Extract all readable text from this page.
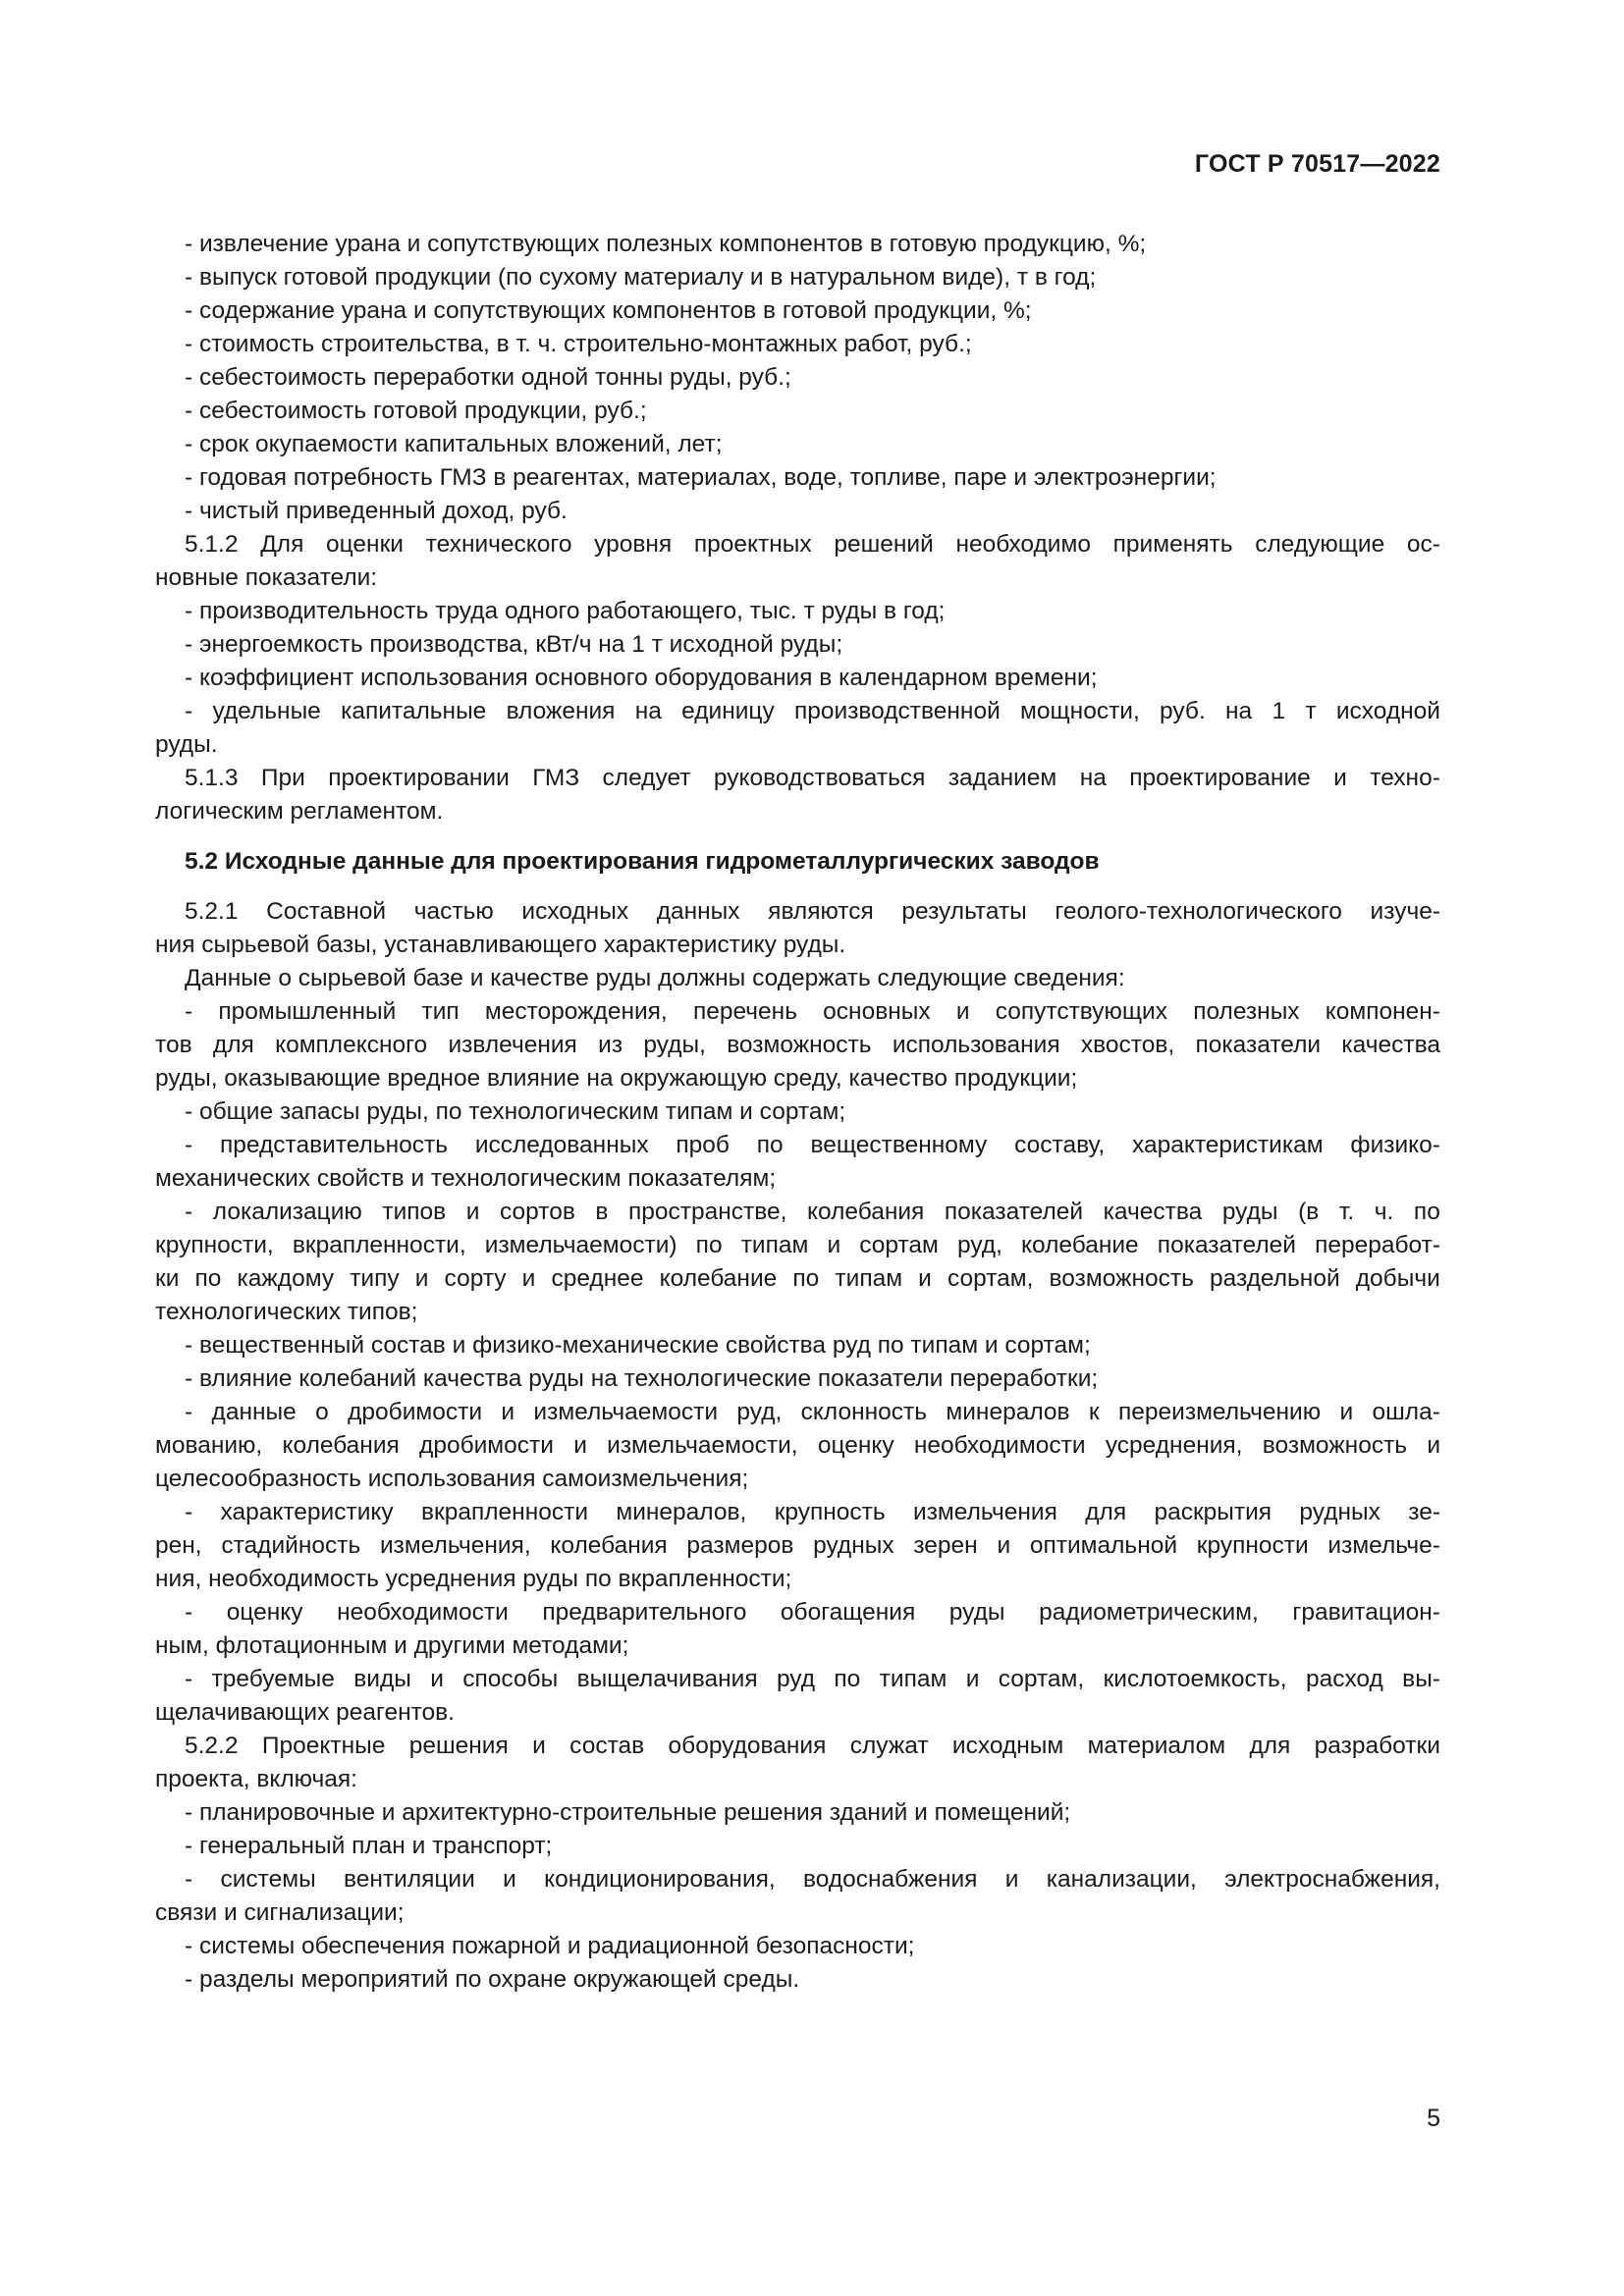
ГОСТ Р 70517—2022
- извлечение урана и сопутствующих полезных компонентов в готовую продукцию, %;
- выпуск готовой продукции (по сухому материалу и в натуральном виде), т в год;
- содержание урана и сопутствующих компонентов в готовой продукции, %;
- стоимость строительства, в т. ч. строительно-монтажных работ, руб.;
- себестоимость переработки одной тонны руды, руб.;
- себестоимость готовой продукции, руб.;
- срок окупаемости капитальных вложений, лет;
- годовая потребность ГМЗ в реагентах, материалах, воде, топливе, паре и электроэнергии;
- чистый приведенный доход, руб.
5.1.2 Для оценки технического уровня проектных решений необходимо применять следующие ос-
новные показатели:
- производительность труда одного работающего, тыс. т руды в год;
- энергоемкость производства, кВт/ч на 1 т исходной руды;
- коэффициент использования основного оборудования в календарном времени;
- удельные капитальные вложения на единицу производственной мощности, руб. на 1 т исходной
руды.
5.1.3 При проектировании ГМЗ следует руководствоваться заданием на проектирование и техно-
логическим регламентом.
5.2 Исходные данные для проектирования гидрометаллургических заводов
5.2.1 Составной частью исходных данных являются результаты геолого-технологического изуче-
ния сырьевой базы, устанавливающего характеристику руды.
Данные о сырьевой базе и качестве руды должны содержать следующие сведения:
- промышленный тип месторождения, перечень основных и сопутствующих полезных компонен-
тов для комплексного извлечения из руды, возможность использования хвостов, показатели качества
руды, оказывающие вредное влияние на окружающую среду, качество продукции;
- общие запасы руды, по технологическим типам и сортам;
- представительность исследованных проб по вещественному составу, характеристикам физико-
механических свойств и технологическим показателям;
- локализацию типов и сортов в пространстве, колебания показателей качества руды (в т. ч. по
крупности, вкрапленности, измельчаемости) по типам и сортам руд, колебание показателей переработ-
ки по каждому типу и сорту и среднее колебание по типам и сортам, возможность раздельной добычи
технологических типов;
- вещественный состав и физико-механические свойства руд по типам и сортам;
- влияние колебаний качества руды на технологические показатели переработки;
- данные о дробимости и измельчаемости руд, склонность минералов к переизмельчению и ошла-
мованию, колебания дробимости и измельчаемости, оценку необходимости усреднения, возможность и
целесообразность использования самоизмельчения;
- характеристику вкрапленности минералов, крупность измельчения для раскрытия рудных зе-
рен, стадийность измельчения, колебания размеров рудных зерен и оптимальной крупности измельче-
ния, необходимость усреднения руды по вкрапленности;
- оценку необходимости предварительного обогащения руды радиометрическим, гравитацион-
ным, флотационным и другими методами;
- требуемые виды и способы выщелачивания руд по типам и сортам, кислотоемкость, расход вы-
щелачивающих реагентов.
5.2.2 Проектные решения и состав оборудования служат исходным материалом для разработки
проекта, включая:
- планировочные и архитектурно-строительные решения зданий и помещений;
- генеральный план и транспорт;
- системы вентиляции и кондиционирования, водоснабжения и канализации, электроснабжения,
связи и сигнализации;
- системы обеспечения пожарной и радиационной безопасности;
- разделы мероприятий по охране окружающей среды.
5
